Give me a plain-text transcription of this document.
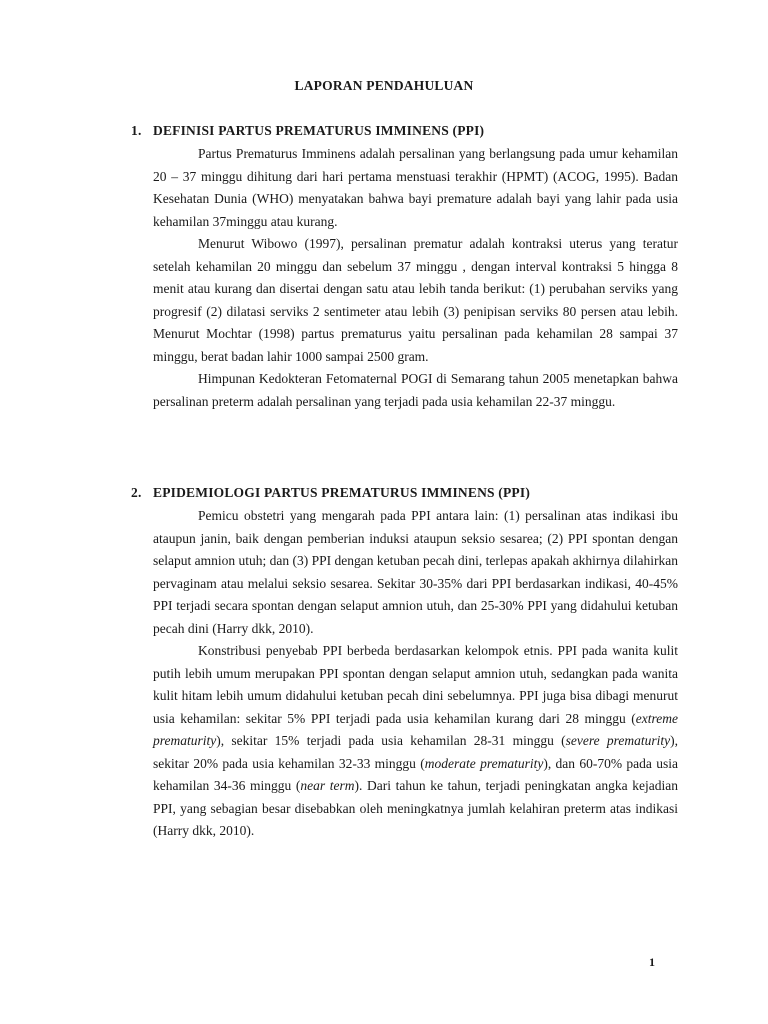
LAPORAN PENDAHULUAN
1. DEFINISI PARTUS PREMATURUS IMMINENS (PPI)

Partus Prematurus Imminens adalah persalinan yang berlangsung pada umur kehamilan 20 – 37 minggu dihitung dari hari pertama menstuasi terakhir (HPMT) (ACOG, 1995). Badan Kesehatan Dunia (WHO) menyatakan bahwa bayi premature adalah bayi yang lahir pada usia kehamilan 37minggu atau kurang.

Menurut Wibowo (1997), persalinan prematur adalah kontraksi uterus yang teratur setelah kehamilan 20 minggu dan sebelum 37 minggu , dengan interval kontraksi 5 hingga 8 menit atau kurang dan disertai dengan satu atau lebih tanda berikut: (1) perubahan serviks yang progresif (2) dilatasi serviks 2 sentimeter atau lebih (3) penipisan serviks 80 persen atau lebih. Menurut Mochtar (1998) partus prematurus yaitu persalinan pada kehamilan 28 sampai 37 minggu, berat badan lahir 1000 sampai 2500 gram.

Himpunan Kedokteran Fetomaternal POGI di Semarang tahun 2005 menetapkan bahwa persalinan preterm adalah persalinan yang terjadi pada usia kehamilan 22-37 minggu.

2. EPIDEMIOLOGI PARTUS PREMATURUS IMMINENS (PPI)

Pemicu obstetri yang mengarah pada PPI antara lain: (1) persalinan atas indikasi ibu ataupun janin, baik dengan pemberian induksi ataupun seksio sesarea; (2) PPI spontan dengan selaput amnion utuh; dan (3) PPI dengan ketuban pecah dini, terlepas apakah akhirnya dilahirkan pervaginam atau melalui seksio sesarea. Sekitar 30-35% dari PPI berdasarkan indikasi, 40-45% PPI terjadi secara spontan dengan selaput amnion utuh, dan 25-30% PPI yang didahului ketuban pecah dini (Harry dkk, 2010).

Konstribusi penyebab PPI berbeda berdasarkan kelompok etnis. PPI pada wanita kulit putih lebih umum merupakan PPI spontan dengan selaput amnion utuh, sedangkan pada wanita kulit hitam lebih umum didahului ketuban pecah dini sebelumnya. PPI juga bisa dibagi menurut usia kehamilan: sekitar 5% PPI terjadi pada usia kehamilan kurang dari 28 minggu (extreme prematurity), sekitar 15% terjadi pada usia kehamilan 28-31 minggu (severe prematurity), sekitar 20% pada usia kehamilan 32-33 minggu (moderate prematurity), dan 60-70% pada usia kehamilan 34-36 minggu (near term). Dari tahun ke tahun, terjadi peningkatan angka kejadian PPI, yang sebagian besar disebabkan oleh meningkatnya jumlah kelahiran preterm atas indikasi (Harry dkk, 2010).

1
